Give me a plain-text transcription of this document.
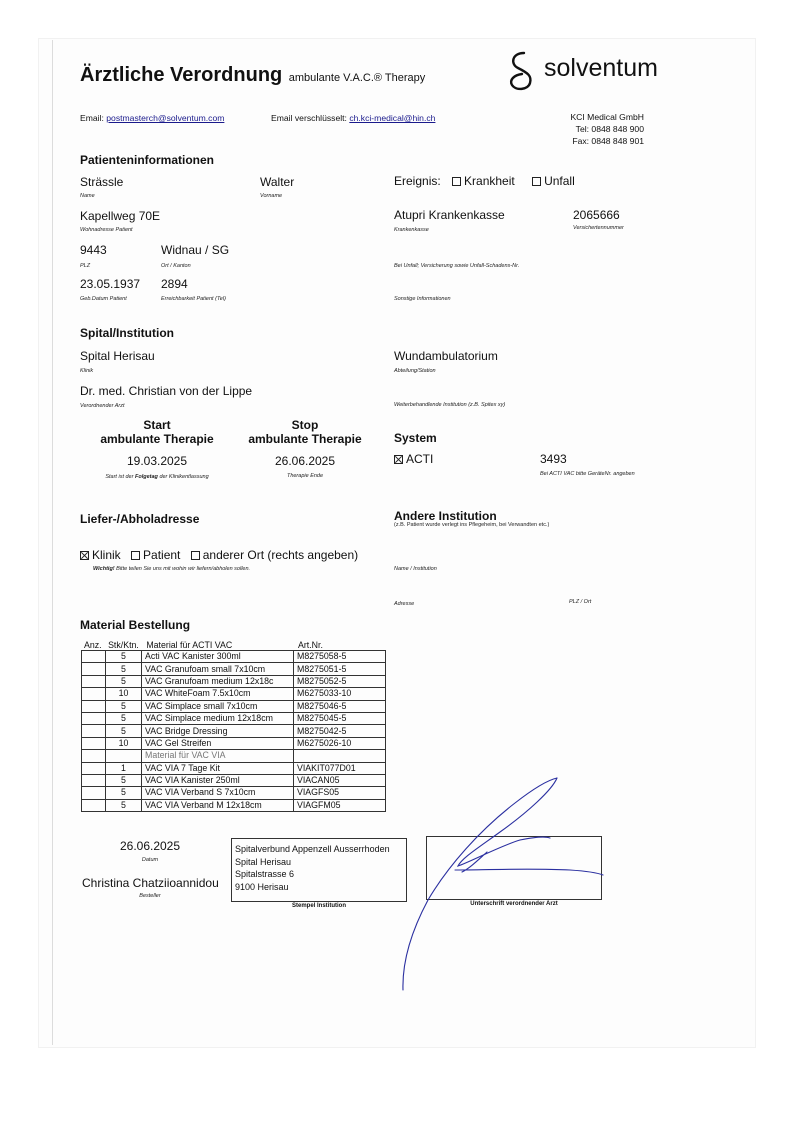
Ärztliche Verordnung ambulante V.A.C.® Therapy	solventum
Email: postmasterch@solventum.com	Email verschlüsselt: ch.kci-medical@hin.ch	KCI Medical GmbH
Tel: 0848 848 900
Fax: 0848 848 901
Patienteninformationen
Strässle
Name
Walter
Vorname
Kapellweg 70E
Wohnadresse Patient
9443
PLZ
Widnau / SG
Ort / Kanton
23.05.1937
Geb.Datum Patient
2894
Erreichbarkeit Patient (Tel)
Ereignis: Krankheit Unfall
Atupri Krankenkasse
Krankenkasse
2065666
Versichertennummer
Bei Unfall; Versicherung sowie Unfall-Schadens-Nr.
Sonstige Informationen
Spital/Institution
Spital Herisau
Klinik
Wundambulatorium
Abteilung/Station
Dr. med. Christian von der Lippe
Verordnender Arzt	Weiterbehandlende Institution (z.B. Spitex xy)
Start
ambulante Therapie
19.03.2025
Start ist der Folgetag der Klinikentlassung
Stop
ambulante Therapie
26.06.2025
Therapie Ende
System
ACTI	3493
Bei ACTI VAC bitte GeräteNr. angeben
Liefer-/Abholadresse
Klinik Patient anderer Ort (rechts angeben)
Wichtig! Bitte teilen Sie uns mit wohin wir liefern/abholen sollen.
Andere Institution
(z.B. Patient wurde verlegt ins Pflegeheim, bei Verwandten etc.)
Name / Institution
Adresse	PLZ / Ort
Material Bestellung
Anz. Stk/Ktn. Material für ACTI VAC	Art.Nr.
	5	Acti VAC Kanister 300ml	M8275058-5
	5	VAC Granufoam small 7x10cm	M8275051-5
	5	VAC Granufoam medium 12x18c	M8275052-5
	10	VAC WhiteFoam 7.5x10cm	M6275033-10
	5	VAC Simplace small 7x10cm	M8275046-5
	5	VAC Simplace medium 12x18cm	M8275045-5
	5	VAC Bridge Dressing	M8275042-5
	10	VAC Gel Streifen	M6275026-10
		Material für VAC VIA	
	1	VAC VIA 7 Tage Kit	VIAKIT077D01
	5	VAC VIA Kanister 250ml	VIACAN05
	5	VAC VIA Verband S 7x10cm	VIAGFS05
	5	VAC VIA Verband M 12x18cm	VIAGFM05
26.06.2025
Datum
Christina Chatziioannidou
Besteller
Spitalverbund Appenzell Ausserrhoden
Spital Herisau
Spitalstrasse 6
9100 Herisau
Stempel Institution	Unterschrift verordnender Arzt
